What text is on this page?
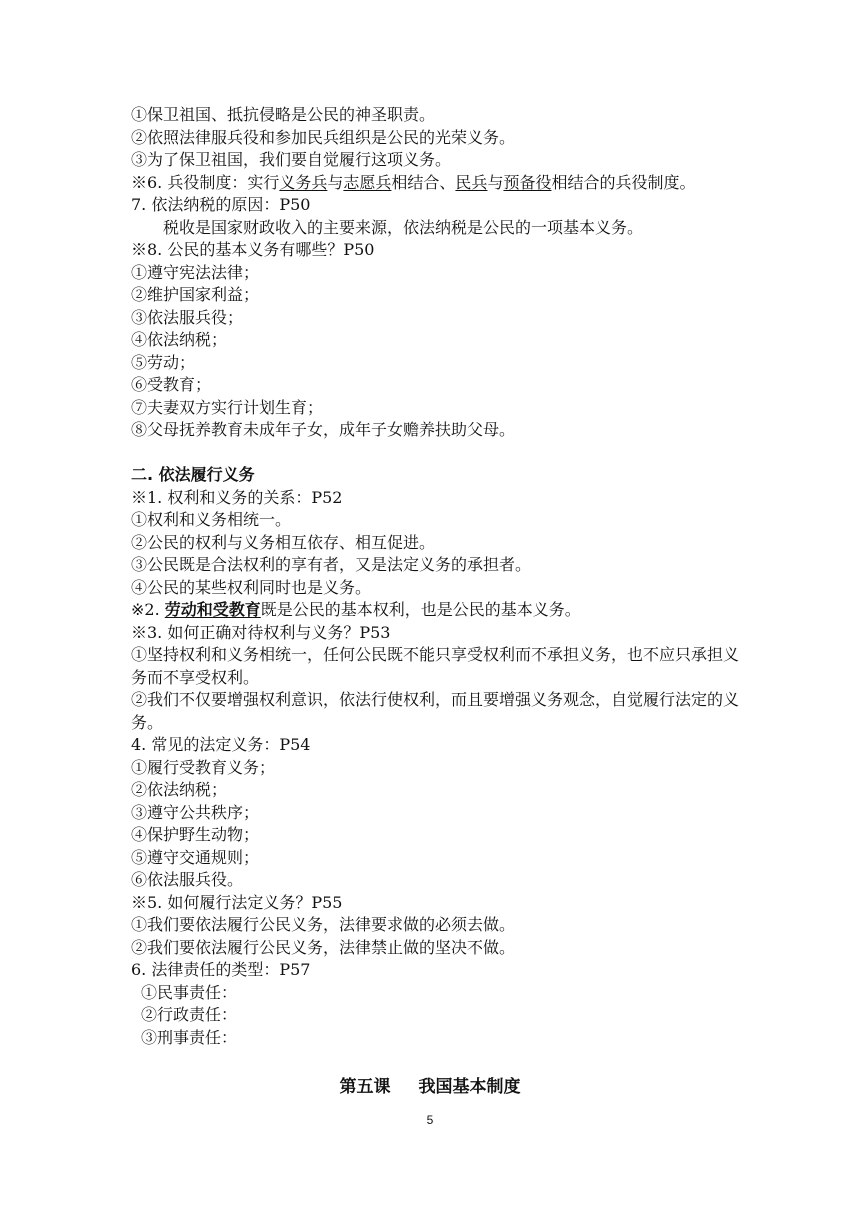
①保卫祖国、抵抗侵略是公民的神圣职责。
②依照法律服兵役和参加民兵组织是公民的光荣义务。
③为了保卫祖国，我们要自觉履行这项义务。
※6. 兵役制度：实行义务兵与志愿兵相结合、民兵与预备役相结合的兵役制度。
7. 依法纳税的原因：P50
税收是国家财政收入的主要来源，依法纳税是公民的一项基本义务。
※8. 公民的基本义务有哪些？P50
①遵守宪法法律；
②维护国家利益；
③依法服兵役；
④依法纳税；
⑤劳动；
⑥受教育；
⑦夫妻双方实行计划生育；
⑧父母抚养教育未成年子女，成年子女赡养扶助父母。
二. 依法履行义务
※1. 权利和义务的关系：P52
①权利和义务相统一。
②公民的权利与义务相互依存、相互促进。
③公民既是合法权利的享有者，又是法定义务的承担者。
④公民的某些权利同时也是义务。
※2. 劳动和受教育既是公民的基本权利，也是公民的基本义务。
※3. 如何正确对待权利与义务？P53
①坚持权利和义务相统一，任何公民既不能只享受权利而不承担义务，也不应只承担义务而不享受权利。
②我们不仅要增强权利意识，依法行使权利，而且要增强义务观念，自觉履行法定的义务。
4. 常见的法定义务：P54
①履行受教育义务；
②依法纳税；
③遵守公共秩序；
④保护野生动物；
⑤遵守交通规则；
⑥依法服兵役。
※5. 如何履行法定义务？P55
①我们要依法履行公民义务，法律要求做的必须去做。
②我们要依法履行公民义务，法律禁止做的坚决不做。
6. 法律责任的类型：P57
①民事责任：
②行政责任：
③刑事责任：
第五课 我国基本制度
5
